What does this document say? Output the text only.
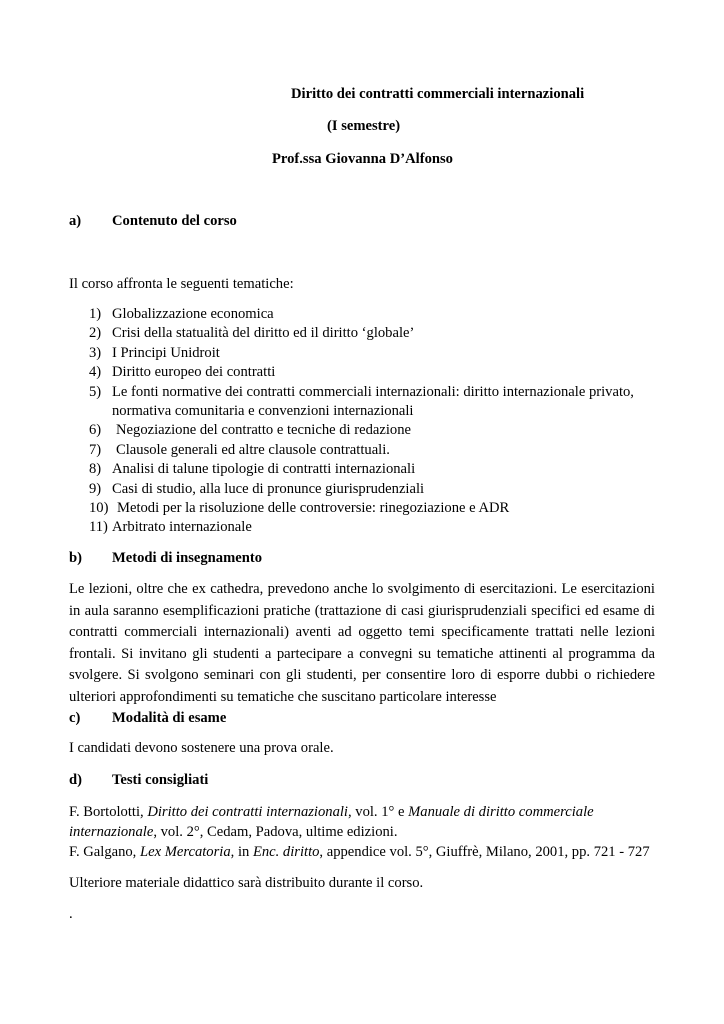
Diritto dei contratti commerciali internazionali
(I semestre)
Prof.ssa Giovanna D’Alfonso
a) Contenuto del corso
Il corso affronta le seguenti tematiche:
1) Globalizzazione economica
2) Crisi della statualità del diritto ed il diritto ‘globale’
3) I Principi Unidroit
4) Diritto europeo dei contratti
5) Le fonti normative dei contratti commerciali internazionali: diritto internazionale privato,
normativa comunitaria e convenzioni internazionali
6) Negoziazione del contratto e tecniche di redazione
7) Clausole generali ed altre clausole contrattuali.
8) Analisi di talune tipologie di contratti internazionali
9) Casi di studio, alla luce di pronunce giurisprudenziali
10) Metodi per la risoluzione delle controversie: rinegoziazione e ADR
11) Arbitrato internazionale
b) Metodi di insegnamento
Le lezioni, oltre che ex cathedra, prevedono anche lo svolgimento di esercitazioni. Le esercitazioni
in aula saranno esemplificazioni pratiche (trattazione di casi giurisprudenziali specifici ed esame di
contratti commerciali internazionali) aventi ad oggetto temi specificamente trattati nelle lezioni
frontali. Si invitano gli studenti a partecipare a convegni su tematiche attinenti al programma da
svolgere. Si svolgono seminari con gli studenti, per consentire loro di esporre dubbi o richiedere
ulteriori approfondimenti su tematiche che suscitano particolare interesse
c) Modalità di esame
I candidati devono sostenere una prova orale.
d) Testi consigliati
F. Bortolotti, Diritto dei contratti internazionali, vol. 1° e Manuale di diritto commerciale
internazionale, vol. 2°, Cedam, Padova, ultime edizioni.
F. Galgano, Lex Mercatoria, in Enc. diritto, appendice vol. 5°, Giuffrè, Milano, 2001, pp. 721 - 727
Ulteriore materiale didattico sarà distribuito durante il corso.
.
